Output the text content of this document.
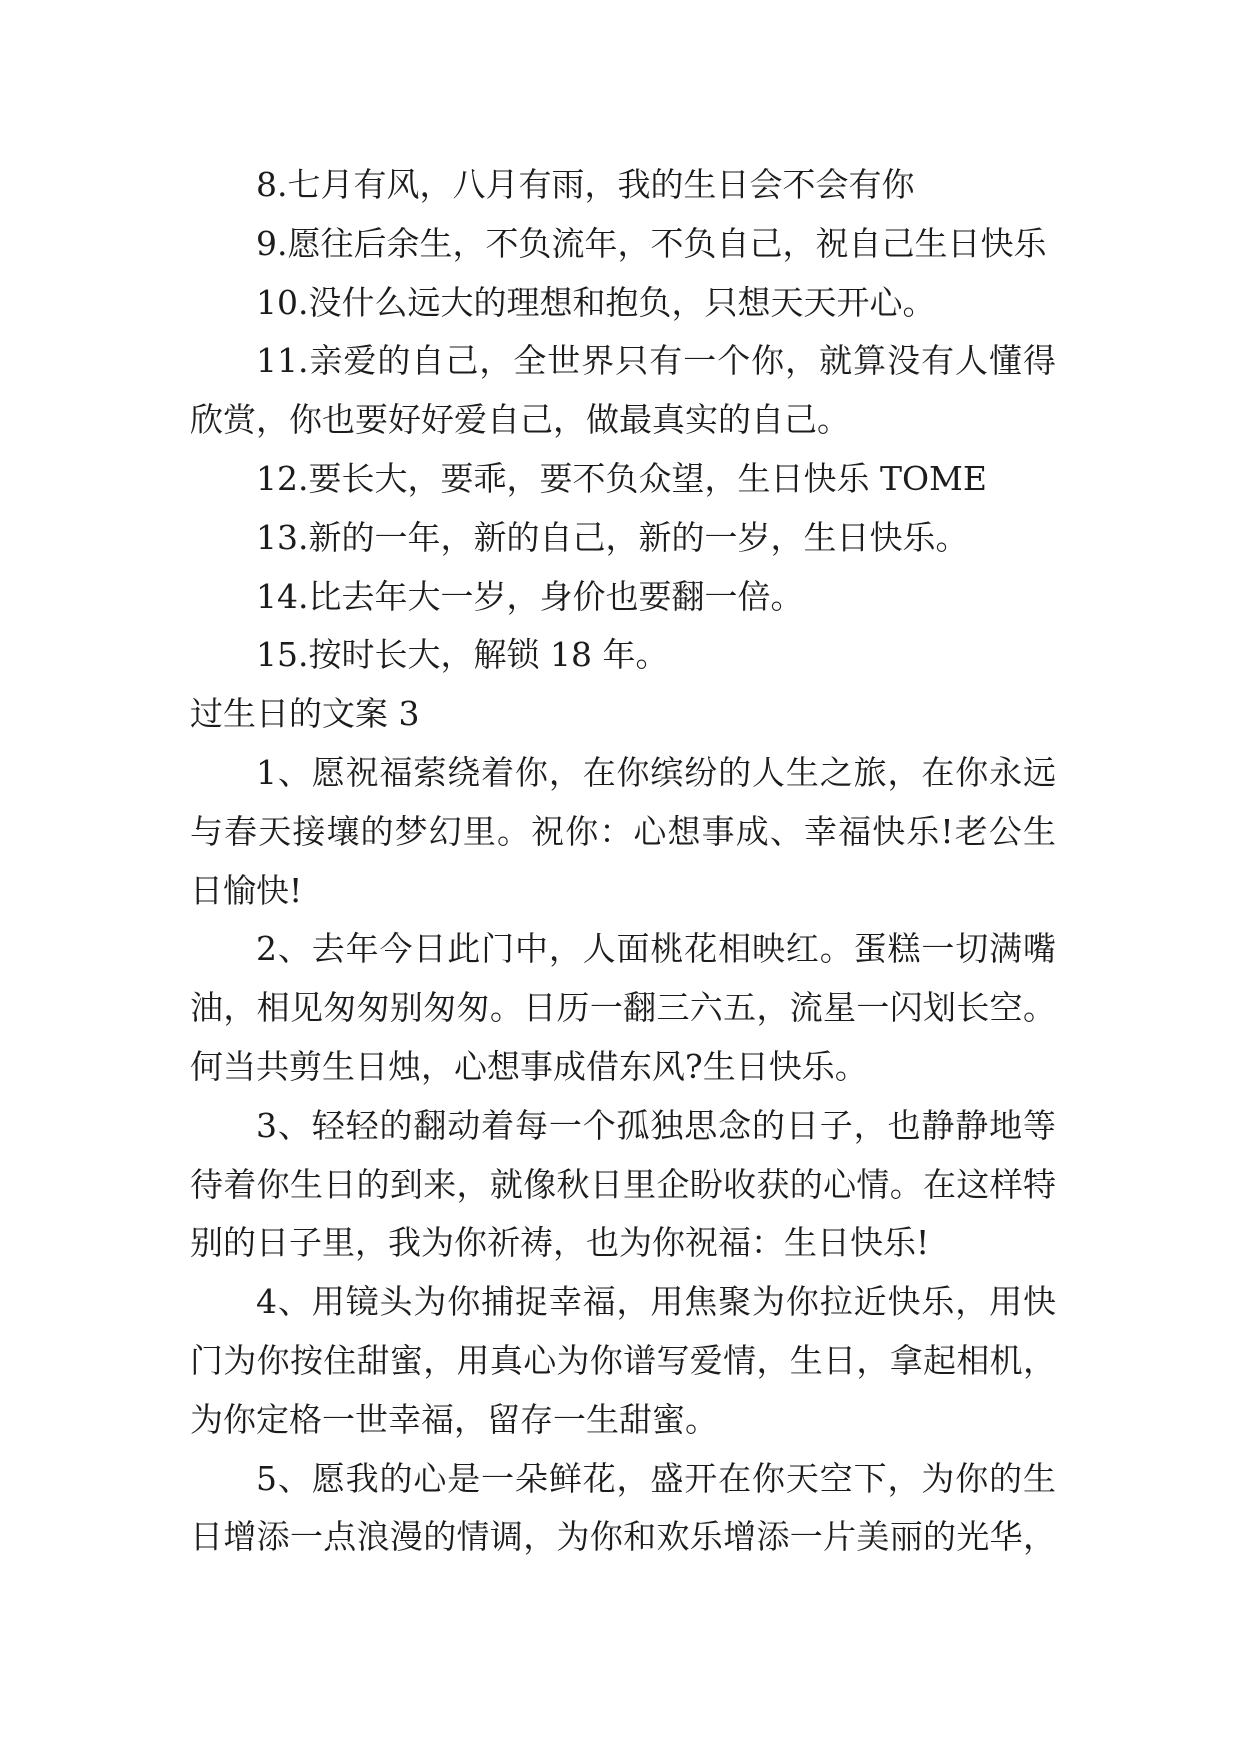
8.七月有风，八月有雨，我的生日会不会有你

9.愿往后余生，不负流年，不负自己，祝自己生日快乐

10.没什么远大的理想和抱负，只想天天开心。

11.亲爱的自己，全世界只有一个你，就算没有人懂得
欣赏，你也要好好爱自己，做最真实的自己。

12.要长大，要乖，要不负众望，生日快乐 TOME

13.新的一年，新的自己，新的一岁，生日快乐。

14.比去年大一岁，身价也要翻一倍。

15.按时长大，解锁 18 年。

过生日的文案 3

1、愿祝福萦绕着你，在你缤纷的人生之旅，在你永远
与春天接壤的梦幻里。祝你：心想事成、幸福快乐!老公生
日愉快!

2、去年今日此门中，人面桃花相映红。蛋糕一切满嘴
油，相见匆匆别匆匆。日历一翻三六五，流星一闪划长空。
何当共剪生日烛，心想事成借东风?生日快乐。

3、轻轻的翻动着每一个孤独思念的日子，也静静地等
待着你生日的到来，就像秋日里企盼收获的心情。在这样特
别的日子里，我为你祈祷，也为你祝福：生日快乐!

4、用镜头为你捕捉幸福，用焦聚为你拉近快乐，用快
门为你按住甜蜜，用真心为你谱写爱情，生日，拿起相机，
为你定格一世幸福，留存一生甜蜜。

5、愿我的心是一朵鲜花，盛开在你天空下，为你的生
日增添一点浪漫的情调，为你和欢乐增添一片美丽的光华，
